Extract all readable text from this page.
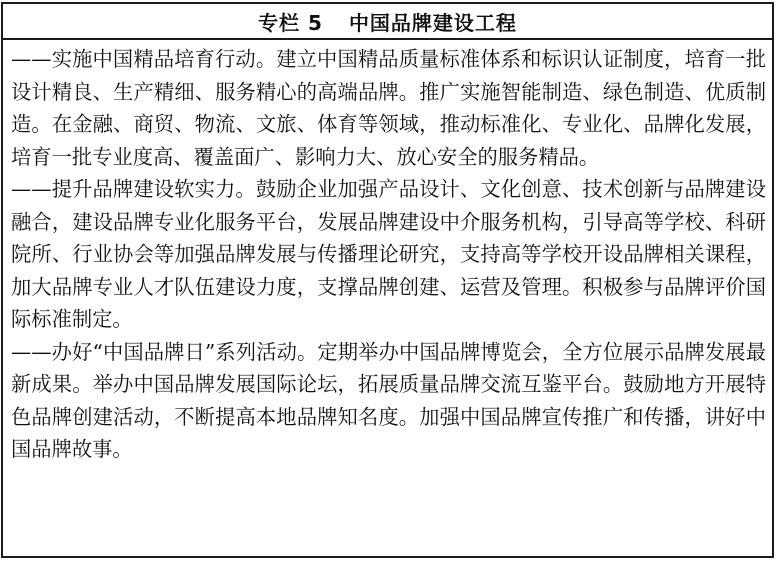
专栏 5 中国品牌建设工程

——实施中国精品培育行动。建立中国精品质量标准体系和标识认证制度，培育一批设计精良、生产精细、服务精心的高端品牌。推广实施智能制造、绿色制造、优质制造。在金融、商贸、物流、文旅、体育等领域，推动标准化、专业化、品牌化发展，培育一批专业度高、覆盖面广、影响力大、放心安全的服务精品。

——提升品牌建设软实力。鼓励企业加强产品设计、文化创意、技术创新与品牌建设融合，建设品牌专业化服务平台，发展品牌建设中介服务机构，引导高等学校、科研院所、行业协会等加强品牌发展与传播理论研究，支持高等学校开设品牌相关课程，加大品牌专业人才队伍建设力度，支撑品牌创建、运营及管理。积极参与品牌评价国际标准制定。

——办好“中国品牌日”系列活动。定期举办中国品牌博览会，全方位展示品牌发展最新成果。举办中国品牌发展国际论坛，拓展质量品牌交流互鉴平台。鼓励地方开展特色品牌创建活动，不断提高本地品牌知名度。加强中国品牌宣传推广和传播，讲好中国品牌故事。
